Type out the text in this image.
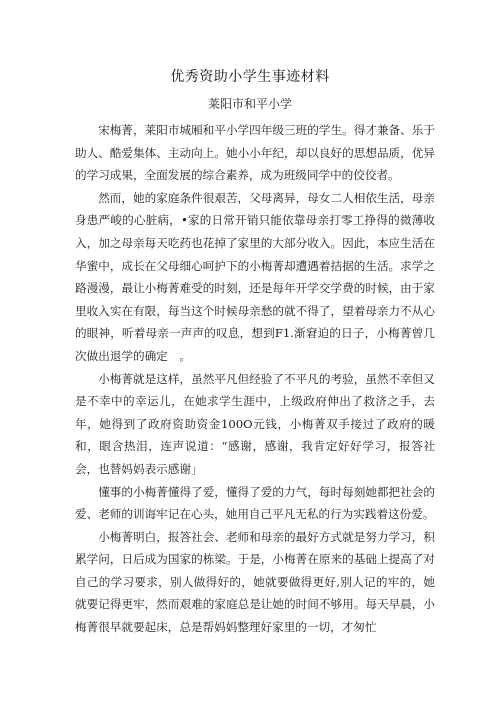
优秀资助小学生事迹材料
莱阳市和平小学

宋梅菁，莱阳市城厢和平小学四年级三班的学生。得才兼备、乐于助人、酷爱集体、主动向上。她小小年纪，却以良好的思想品质，优异的学习成果，全面发展的综合素养，成为班级同学中的佼佼者。

然而，她的家庭条件很艰苦，父母离异，母女二人相依生活，母亲身患严峻的心脏病，•家的日常开销只能依靠母亲打零工挣得的微薄收入，加之母亲每天吃药也花掉了家里的大部分收入。因此，本应生活在华蜜中，成长在父母细心呵护下的小梅菁却遭遇着拮据的生活。求学之路漫漫，最让小梅菁难受的时刻，还是每年开学交学费的时候，由于家里收入实在有限，每当这个时候母亲愁的就不得了，望着母亲力不从心的眼神，听着母亲一声声的叹息，想到F1.渐窘迫的日子，小梅菁曾几次做出退学的确定　。

小梅菁就是这样，虽然平凡但经验了不平凡的考验，虽然不幸但又是不幸中的幸运儿，在她求学生涯中，上级政府伸出了救济之手，去年，她得到了政府资助资金100O元钱，小梅菁双手接过了政府的暖和，眼含热泪，连声说道：“感谢，感谢，我肯定好好学习，报答社会，也替妈妈表示感谢」

懂事的小梅菁懂得了爱，懂得了爱的力气，每时每刻她都把社会的爱、老师的训诲牢记在心头，她用自己平凡无私的行为实践着这份爱。

小梅菁明白，报答社会、老师和母亲的最好方式就是努力学习，积累学问，日后成为国家的栋梁。于是，小梅菁在原来的基础上提高了对自己的学习要求，别人做得好的，她就要做得更好,别人记的牢的，她就要记得更牢，然而艰难的家庭总是让她的时间不够用。每天早晨，小梅菁很早就要起床，总是帮妈妈整理好家里的一切，才匆忙
